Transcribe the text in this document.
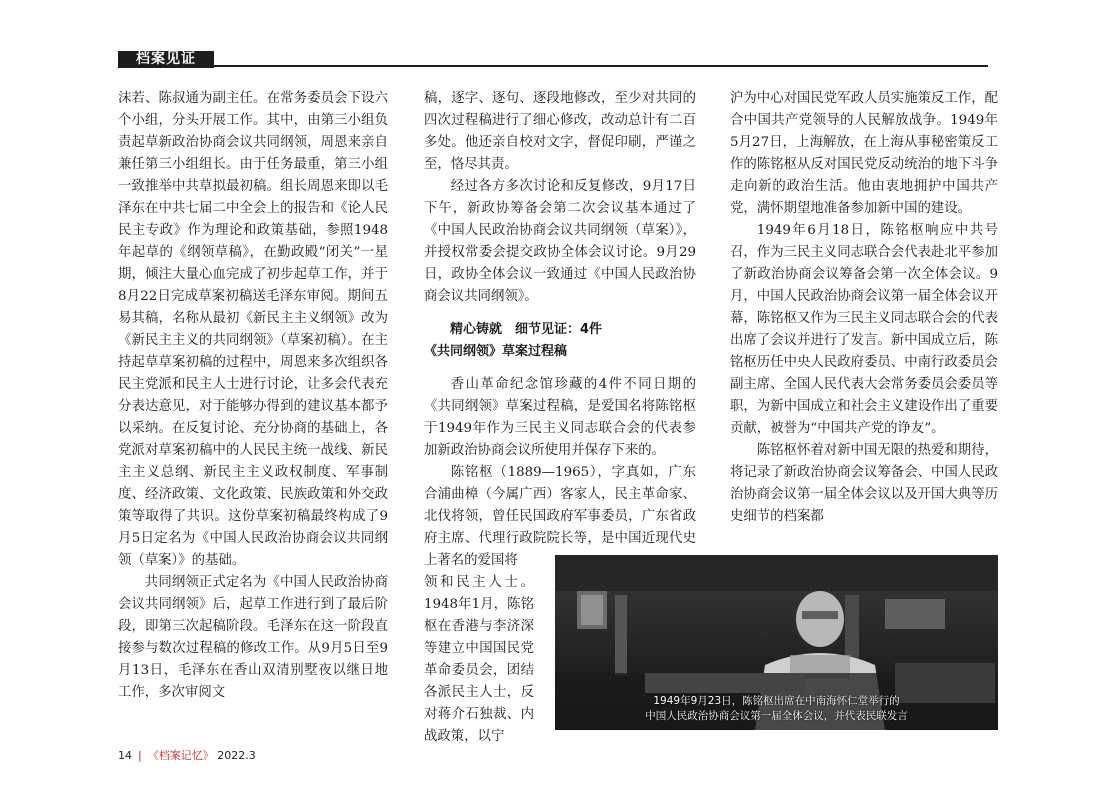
档案见证

沫若、陈叔通为副主任。在常务委员会下设六个小组，分头开展工作。其中，由第三小组负责起草新政治协商会议共同纲领，周恩来亲自兼任第三小组组长。由于任务最重，第三小组一致推举中共草拟最初稿。组长周恩来即以毛泽东在中共七届二中全会上的报告和《论人民民主专政》作为理论和政策基础，参照1948年起草的《纲领草稿》，在勤政殿“闭关”一星期，倾注大量心血完成了初步起草工作，并于8月22日完成草案初稿送毛泽东审阅。期间五易其稿，名称从最初《新民主主义纲领》改为《新民主主义的共同纲领》（草案初稿）。在主持起草草案初稿的过程中，周恩来多次组织各民主党派和民主人士进行讨论，让多会代表充分表达意见，对于能够办得到的建议基本都予以采纳。在反复讨论、充分协商的基础上，各党派对草案初稿中的人民民主统一战线、新民主主义总纲、新民主主义政权制度、军事制度、经济政策、文化政策、民族政策和外交政策等取得了共识。这份草案初稿最终构成了9月5日定名为《中国人民政治协商会议共同纲领（草案）》的基础。

共同纲领正式定名为《中国人民政治协商会议共同纲领》后，起草工作进行到了最后阶段，即第三次起稿阶段。毛泽东在这一阶段直接参与数次过程稿的修改工作。从9月5日至9月13日，毛泽东在香山双清别墅夜以继日地工作，多次审阅文

稿，逐字、逐句、逐段地修改，至少对共同的四次过程稿进行了细心修改，改动总计有二百多处。他还亲自校对文字，督促印刷，严谨之至，恪尽其责。

经过各方多次讨论和反复修改，9月17日下午，新政协筹备会第二次会议基本通过了《中国人民政治协商会议共同纲领（草案）》，并授权常委会提交政协全体会议讨论。9月29日，政协全体会议一致通过《中国人民政治协商会议共同纲领》。

精心铸就　细节见证：4件

《共同纲领》草案过程稿

香山革命纪念馆珍藏的4件不同日期的《共同纲领》草案过程稿，是爱国名将陈铭枢于1949年作为三民主义同志联合会的代表参加新政治协商会议所使用并保存下来的。

陈铭枢（1889—1965），字真如，广东合浦曲樟（今属广西）客家人，民主革命家、北伐将领，曾任民国政府军事委员，广东省政府主席、代理行政院院长等，是中国近现代史上著名的爱国将

领和民主人士。1948年1月，陈铭枢在香港与李济深等建立中国国民党革命委员会，团结各派民主人士，反对蒋介石独裁、内战政策，以宁

沪为中心对国民党军政人员实施策反工作，配合中国共产党领导的人民解放战争。1949年5月27日，上海解放，在上海从事秘密策反工作的陈铭枢从反对国民党反动统治的地下斗争走向新的政治生活。他由衷地拥护中国共产党，满怀期望地准备参加新中国的建设。

1949年6月18日，陈铭枢响应中共号召，作为三民主义同志联合会代表赴北平参加了新政治协商会议筹备会第一次全体会议。9月，中国人民政治协商会议第一届全体会议开幕，陈铭枢又作为三民主义同志联合会的代表出席了会议并进行了发言。新中国成立后，陈铭枢历任中央人民政府委员、中南行政委员会副主席、全国人民代表大会常务委员会委员等职，为新中国成立和社会主义建设作出了重要贡献，被誉为“中国共产党的诤友”。

陈铭枢怀着对新中国无限的热爱和期待，将记录了新政治协商会议筹备会、中国人民政治协商会议第一届全体会议以及开国大典等历史细节的档案都

1949年9月23日，陈铭枢出席在中南海怀仁堂举行的
中国人民政治协商会议第一届全体会议，并代表民联发言
14 | 《档案记忆》 2022.3
